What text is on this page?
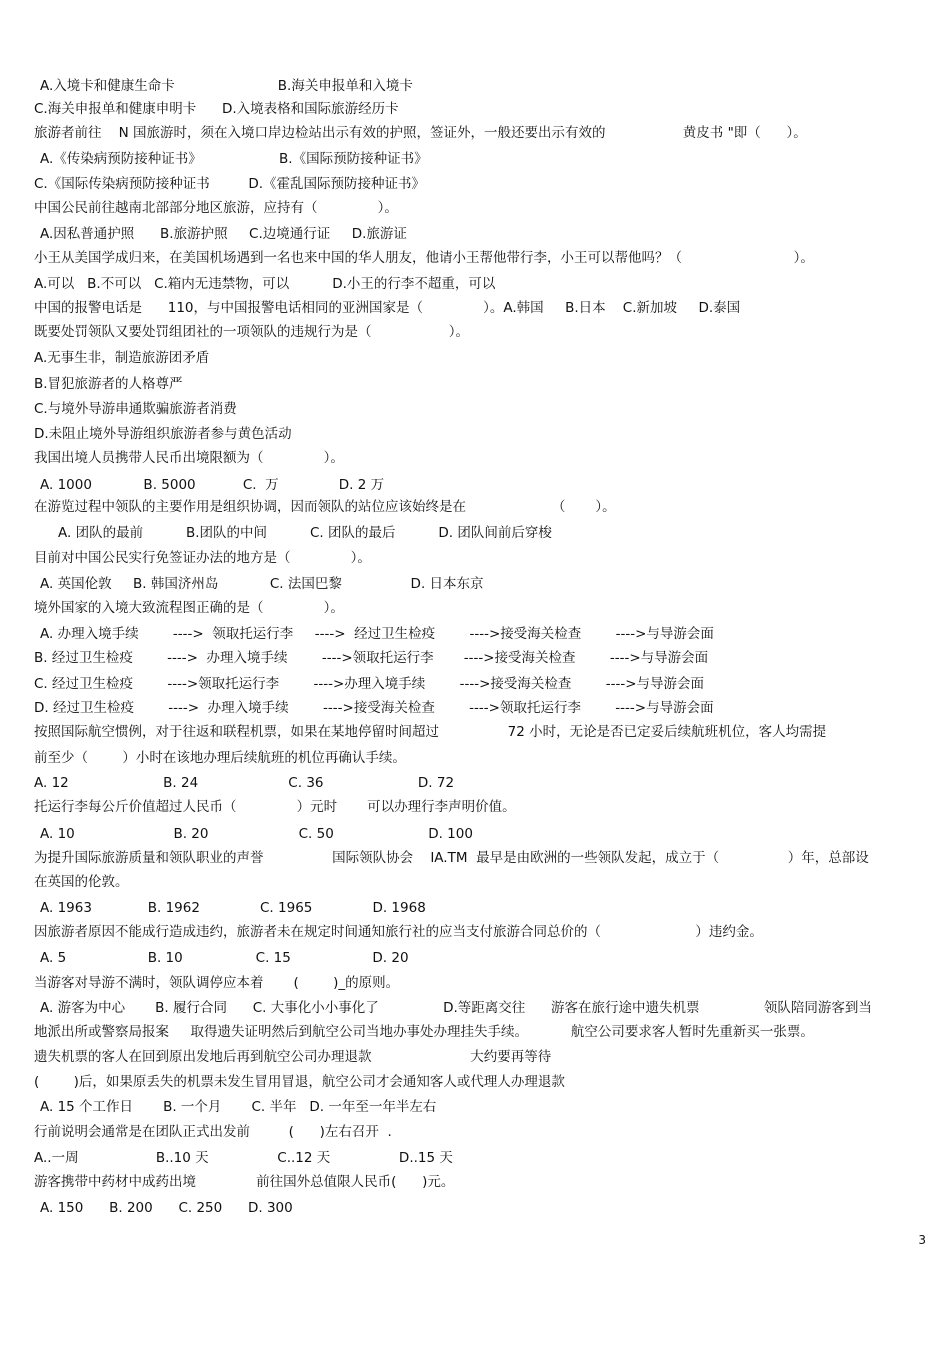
A.入境卡和健康生命卡                        B.海关申报单和入境卡
C.海关申报单和健康申明卡      D.入境表格和国际旅游经历卡
旅游者前往    N 国旅游时，须在入境口岸边检站出示有效的护照，签证外，一般还要出示有效的                  黄皮书 "即（      ）。
A.《传染病预防接种证书》                  B.《国际预防接种证书》
C.《国际传染病预防接种证书         D.《霍乱国际预防接种证书》
中国公民前往越南北部部分地区旅游，应持有（              ）。
A.因私普通护照      B.旅游护照     C.边境通行证     D.旅游证
小王从美国学成归来，在美国机场遇到一名也来中国的华人朋友，他请小王帮他带行李，小王可以帮他吗？（                          ）。
A.可以   B.不可以   C.箱内无违禁物，可以          D.小王的行李不超重，可以
中国的报警电话是      110，与中国报警电话相同的亚洲国家是（              ）。A.韩国     B.日本    C.新加坡     D.泰国
既要处罚领队又要处罚组团社的一项领队的违规行为是（                  ）。
A.无事生非，制造旅游团矛盾
B.冒犯旅游者的人格尊严
C.与境外导游串通欺骗旅游者消费
D.未阻止境外导游组织旅游者参与黄色活动
我国出境人员携带人民币出境限额为（              ）。
A. 1000            B. 5000           C.  万              D. 2 万
在游览过程中领队的主要作用是组织协调，因而领队的站位应该始终是在                    （       ）。
A. 团队的最前          B.团队的中间          C. 团队的最后          D. 团队间前后穿梭
目前对中国公民实行免签证办法的地方是（              ）。
A. 英国伦敦     B. 韩国济州岛            C. 法国巴黎                D. 日本东京
境外国家的入境大致流程图正确的是（              ）。
A. 办理入境手续        ---->  领取托运行李     ---->  经过卫生检疫        ---->接受海关检查        ---->与导游会面
B. 经过卫生检疫        ---->  办理入境手续        ---->领取托运行李       ---->接受海关检查        ---->与导游会面
C. 经过卫生检疫        ---->领取托运行李        ---->办理入境手续        ---->接受海关检查        ---->与导游会面
D. 经过卫生检疫        ---->  办理入境手续        ---->接受海关检查        ---->领取托运行李        ---->与导游会面
按照国际航空惯例，对于往返和联程机票，如果在某地停留时间超过                72 小时，无论是否已定妥后续航班机位，客人均需提
前至少（        ）小时在该地办理后续航班的机位再确认手续。
A. 12                      B. 24                     C. 36                      D. 72
托运行李每公斤价值超过人民币（              ）元时       可以办理行李声明价值。
A. 10                       B. 20                     C. 50                      D. 100
为提升国际旅游质量和领队职业的声誉                国际领队协会    IA.TM  最早是由欧洲的一些领队发起，成立于（                ）年，总部设
在英国的伦敦。
A. 1963             B. 1962              C. 1965              D. 1968
因旅游者原因不能成行造成违约，旅游者未在规定时间通知旅行社的应当支付旅游合同总价的（                      ）违约金。
A. 5                   B. 10                 C. 15                   D. 20
当游客对导游不满时，领队调停应本着       (        )_的原则。
A. 游客为中心       B. 履行合同      C. 大事化小小事化了               D.等距离交往      游客在旅行途中遗失机票               领队陪同游客到当
地派出所或警察局报案     取得遗失证明然后到航空公司当地办事处办理挂失手续。          航空公司要求客人暂时先重新买一张票。
遗失机票的客人在回到原出发地后再到航空公司办理退款                       大约要再等待
(        )后，如果原丢失的机票未发生冒用冒退，航空公司才会通知客人或代理人办理退款
A. 15 个工作日       B. 一个月       C. 半年   D. 一年至一年半左右
行前说明会通常是在团队正式出发前         (      )左右召开  .
A..一周                  B..10 天                C..12 天                D..15 天
游客携带中药材中成药出境              前往国外总值限人民币(      )元。
A. 150      B. 200      C. 250      D. 300
3
